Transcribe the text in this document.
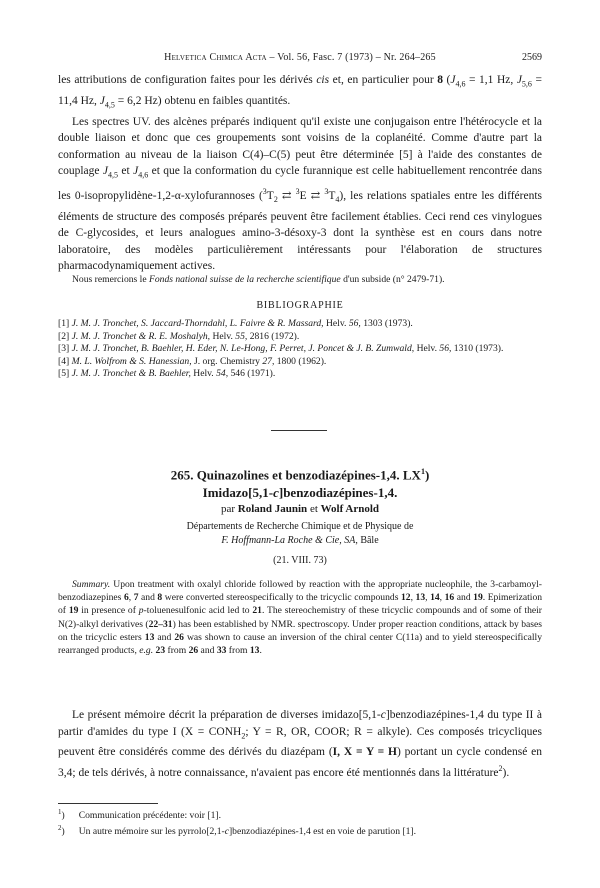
Helvetica Chimica Acta – Vol. 56, Fasc. 7 (1973) – Nr. 264–265	2569

les attributions de configuration faites pour les dérivés cis et, en particulier pour 8 ($J_{4,6} = 1,1$ Hz, $J_{5,6} = 11,4$ Hz, $J_{4,5} = 6,2$ Hz) obtenu en faibles quantités.

Les spectres UV. des alcènes préparés indiquent qu'il existe une conjugaison entre l'hétérocycle et la double liaison et donc que ces groupements sont voisins de la coplanéité. Comme d'autre part la conformation au niveau de la liaison C(4)–C(5) peut être déterminée [5] à l'aide des constantes de couplage $J_{4,5}$ et $J_{4,6}$ et que la conformation du cycle furannique est celle habituellement rencontrée dans les 0-isopropylidène-1,2-α-xylofurannoses ($^3T_2$ ⇄ $^3$E ⇄ $^3T_4$), les relations spatiales entre les différents éléments de structure des composés préparés peuvent être facilement établies. Ceci rend ces vinylogues de C-glycosides, et leurs analogues amino-3-désoxy-3 dont la synthèse est en cours dans notre laboratoire, des modèles particulièrement intéressants pour l'élaboration de structures pharmacodynamiquement actives.

Nous remercions le Fonds national suisse de la recherche scientifique d'un subside (n° 2479-71).
BIBLIOGRAPHIE

[1] J. M. J. Tronchet, S. Jaccard-Thorndahl, L. Faivre & R. Massard, Helv. 56, 1303 (1973).

[2] J. M. J. Tronchet & R. E. Moshalyh, Helv. 55, 2816 (1972).

[3] J. M. J. Tronchet, B. Baehler, H. Eder, N. Le-Hong, F. Perret, J. Poncet & J. B. Zumwald, Helv. 56, 1310 (1973).

[4] M. L. Wolfrom & S. Hanessian, J. org. Chemistry 27, 1800 (1962).

[5] J. M. J. Tronchet & B. Baehler, Helv. 54, 546 (1971).

265. Quinazolines et benzodiazépines-1,4. $LX^1$)
Imidazo[5,1-c]benzodiazépines-1,4.
par Roland Jaunin et Wolf Arnold
Départements de Recherche Chimique et de Physique de
F. Hoffmann-La Roche & Cie, SA, Bâle
(21. VIII. 73)
Summary. Upon treatment with oxalyl chloride followed by reaction with the appropriate nucleophile, the 3-carbamoyl-benzodiazepines 6, 7 and 8 were converted stereospecifically to the tricyclic compounds 12, 13, 14, 16 and 19. Epimerization of 19 in presence of p-toluenesulfonic acid led to 21. The stereochemistry of these tricyclic compounds and of some of their N(2)-alkyl derivatives (22–31) has been established by NMR. spectroscopy. Under proper reaction conditions, attack by bases on the tricyclic esters 13 and 26 was shown to cause an inversion of the chiral center C(11a) and to yield stereospecifically rearranged products, e.g. 23 from 26 and 33 from 13.
Le présent mémoire décrit la préparation de diverses imidazo[5,1-c]benzodiazépines-1,4 du type II à partir d'amides du type I ($X = CONH_2$; Y = R, OR, COOR; R = alkyle). Ces composés tricycliques peuvent être considérés comme des dérivés du diazépam (I, X = Y = H) portant un cycle condensé en 3,4; de tels dérivés, à notre connaissance, n'avaient pas encore été mentionnés dans la littérature$^2$).

$^1$) Communication précédente: voir [1].

$^2$) Un autre mémoire sur les pyrrolo[2,1-c]benzodiazépines-1,4 est en voie de parution [1].
